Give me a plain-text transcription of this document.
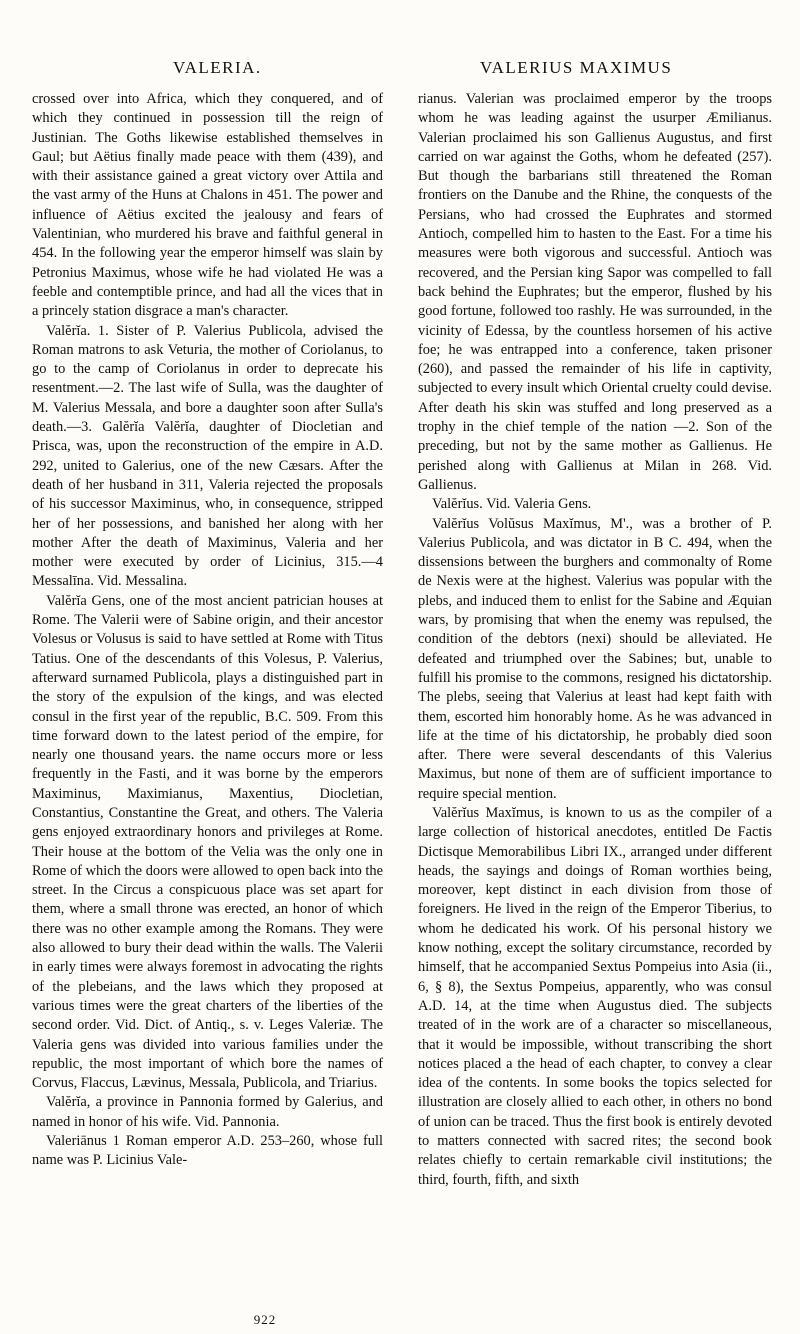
VALERIA.	VALERIUS MAXIMUS

crossed over into Africa, which they conquered, and of which they continued in possession till the reign of Justinian. The Goths likewise established themselves in Gaul; but Aëtius finally made peace with them (439), and with their assistance gained a great victory over Attila and the vast army of the Huns at Chalons in 451. The power and influence of Aëtius excited the jealousy and fears of Valentinian, who murdered his brave and faithful general in 454. In the following year the emperor himself was slain by Petronius Maximus, whose wife he had violated He was a feeble and contemptible prince, and had all the vices that in a princely station disgrace a man's character.

Valĕrĭa. 1. Sister of P. Valerius Publicola, advised the Roman matrons to ask Veturia, the mother of Coriolanus, to go to the camp of Coriolanus in order to deprecate his resentment.—2. The last wife of Sulla, was the daughter of M. Valerius Messala, and bore a daughter soon after Sulla's death.—3. Galĕrĭa Valĕrĭa, daughter of Diocletian and Prisca, was, upon the reconstruction of the empire in A.D. 292, united to Galerius, one of the new Cæsars. After the death of her husband in 311, Valeria rejected the proposals of his successor Maximinus, who, in consequence, stripped her of her possessions, and banished her along with her mother After the death of Maximinus, Valeria and her mother were executed by order of Licinius, 315.—4 Messalīna. Vid. Messalina.

Valĕrĭa Gens, one of the most ancient patrician houses at Rome. The Valerii were of Sabine origin, and their ancestor Volesus or Volusus is said to have settled at Rome with Titus Tatius. One of the descendants of this Volesus, P. Valerius, afterward surnamed Publicola, plays a distinguished part in the story of the expulsion of the kings, and was elected consul in the first year of the republic, B.C. 509. From this time forward down to the latest period of the empire, for nearly one thousand years. the name occurs more or less frequently in the Fasti, and it was borne by the emperors Maximinus, Maximianus, Maxentius, Diocletian, Constantius, Constantine the Great, and others. The Valeria gens enjoyed extraordinary honors and privileges at Rome. Their house at the bottom of the Velia was the only one in Rome of which the doors were allowed to open back into the street. In the Circus a conspicuous place was set apart for them, where a small throne was erected, an honor of which there was no other example among the Romans. They were also allowed to bury their dead within the walls. The Valerii in early times were always foremost in advocating the rights of the plebeians, and the laws which they proposed at various times were the great charters of the liberties of the second order. Vid. Dict. of Antiq., s. v. Leges Valeriæ. The Valeria gens was divided into various families under the republic, the most important of which bore the names of Corvus, Flaccus, Lævinus, Messala, Publicola, and Triarius.

Valĕrĭa, a province in Pannonia formed by Galerius, and named in honor of his wife. Vid. Pannonia.

Valeriānus 1 Roman emperor A.D. 253–260, whose full name was P. Licinius Vale-

rianus. Valerian was proclaimed emperor by the troops whom he was leading against the usurper Æmilianus. Valerian proclaimed his son Gallienus Augustus, and first carried on war against the Goths, whom he defeated (257). But though the barbarians still threatened the Roman frontiers on the Danube and the Rhine, the conquests of the Persians, who had crossed the Euphrates and stormed Antioch, compelled him to hasten to the East. For a time his measures were both vigorous and successful. Antioch was recovered, and the Persian king Sapor was compelled to fall back behind the Euphrates; but the emperor, flushed by his good fortune, followed too rashly. He was surrounded, in the vicinity of Edessa, by the countless horsemen of his active foe; he was entrapped into a conference, taken prisoner (260), and passed the remainder of his life in captivity, subjected to every insult which Oriental cruelty could devise. After death his skin was stuffed and long preserved as a trophy in the chief temple of the nation —2. Son of the preceding, but not by the same mother as Gallienus. He perished along with Gallienus at Milan in 268. Vid. Gallienus.

Valĕrĭus. Vid. Valeria Gens.

Valĕrĭus Volŭsus Maxĭmus, M'., was a brother of P. Valerius Publicola, and was dictator in B C. 494, when the dissensions between the burghers and commonalty of Rome de Nexis were at the highest. Valerius was popular with the plebs, and induced them to enlist for the Sabine and Æquian wars, by promising that when the enemy was repulsed, the condition of the debtors (nexi) should be alleviated. He defeated and triumphed over the Sabines; but, unable to fulfill his promise to the commons, resigned his dictatorship. The plebs, seeing that Valerius at least had kept faith with them, escorted him honorably home. As he was advanced in life at the time of his dictatorship, he probably died soon after. There were several descendants of this Valerius Maximus, but none of them are of sufficient importance to require special mention.

Valĕrĭus Maxĭmus, is known to us as the compiler of a large collection of historical anecdotes, entitled De Factis Dictisque Memorabilibus Libri IX., arranged under different heads, the sayings and doings of Roman worthies being, moreover, kept distinct in each division from those of foreigners. He lived in the reign of the Emperor Tiberius, to whom he dedicated his work. Of his personal history we know nothing, except the solitary circumstance, recorded by himself, that he accompanied Sextus Pompeius into Asia (ii., 6, § 8), the Sextus Pompeius, apparently, who was consul A.D. 14, at the time when Augustus died. The subjects treated of in the work are of a character so miscellaneous, that it would be impossible, without transcribing the short notices placed a the head of each chapter, to convey a clear idea of the contents. In some books the topics selected for illustration are closely allied to each other, in others no bond of union can be traced. Thus the first book is entirely devoted to matters connected with sacred rites; the second book relates chiefly to certain remarkable civil institutions; the third, fourth, fifth, and sixth

922
